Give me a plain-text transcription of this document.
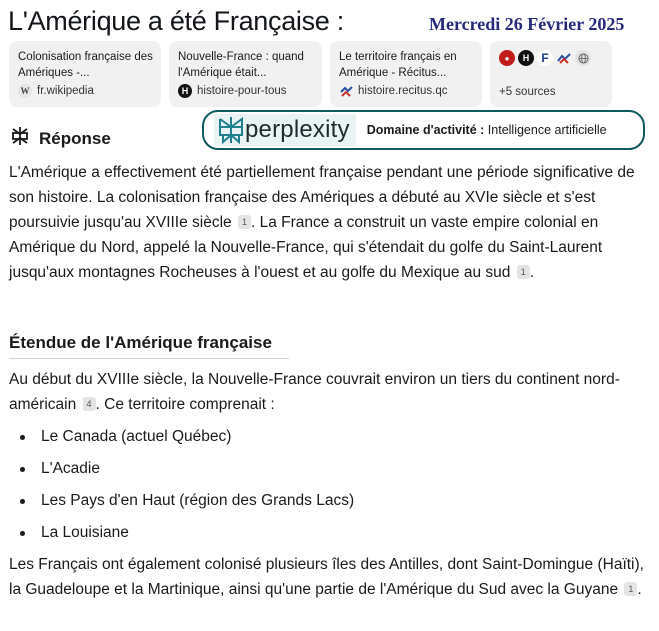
L'Amérique a été Française :	Mercredi 26 Février 2025
Colonisation française des Amériques -...
W fr.wikipedia
Nouvelle-France : quand l'Amérique était...
H histoire-pour-tous
Le territoire français en Amérique - Récitus...
histoire.recitus.qc
●	H	F
+5 sources
Réponse	perplexity Domaine d'activité : Intelligence artificielle
L'Amérique a effectivement été partiellement française pendant une période significative de son histoire. La colonisation française des Amériques a débuté au XVIe siècle et s'est poursuivie jusqu'au XVIIIe siècle 1 . La France a construit un vaste empire colonial en Amérique du Nord, appelé la Nouvelle-France, qui s'étendait du golfe du Saint-Laurent jusqu'aux montagnes Rocheuses à l'ouest et au golfe du Mexique au sud 1 .
Étendue de l'Amérique française
Au début du XVIIIe siècle, la Nouvelle-France couvrait environ un tiers du continent nord-américain 4 . Ce territoire comprenait :
Le Canada (actuel Québec)
L'Acadie
Les Pays d'en Haut (région des Grands Lacs)
La Louisiane
Les Français ont également colonisé plusieurs îles des Antilles, dont Saint-Domingue (Haïti), la Guadeloupe et la Martinique, ainsi qu'une partie de l'Amérique du Sud avec la Guyane 1 .
